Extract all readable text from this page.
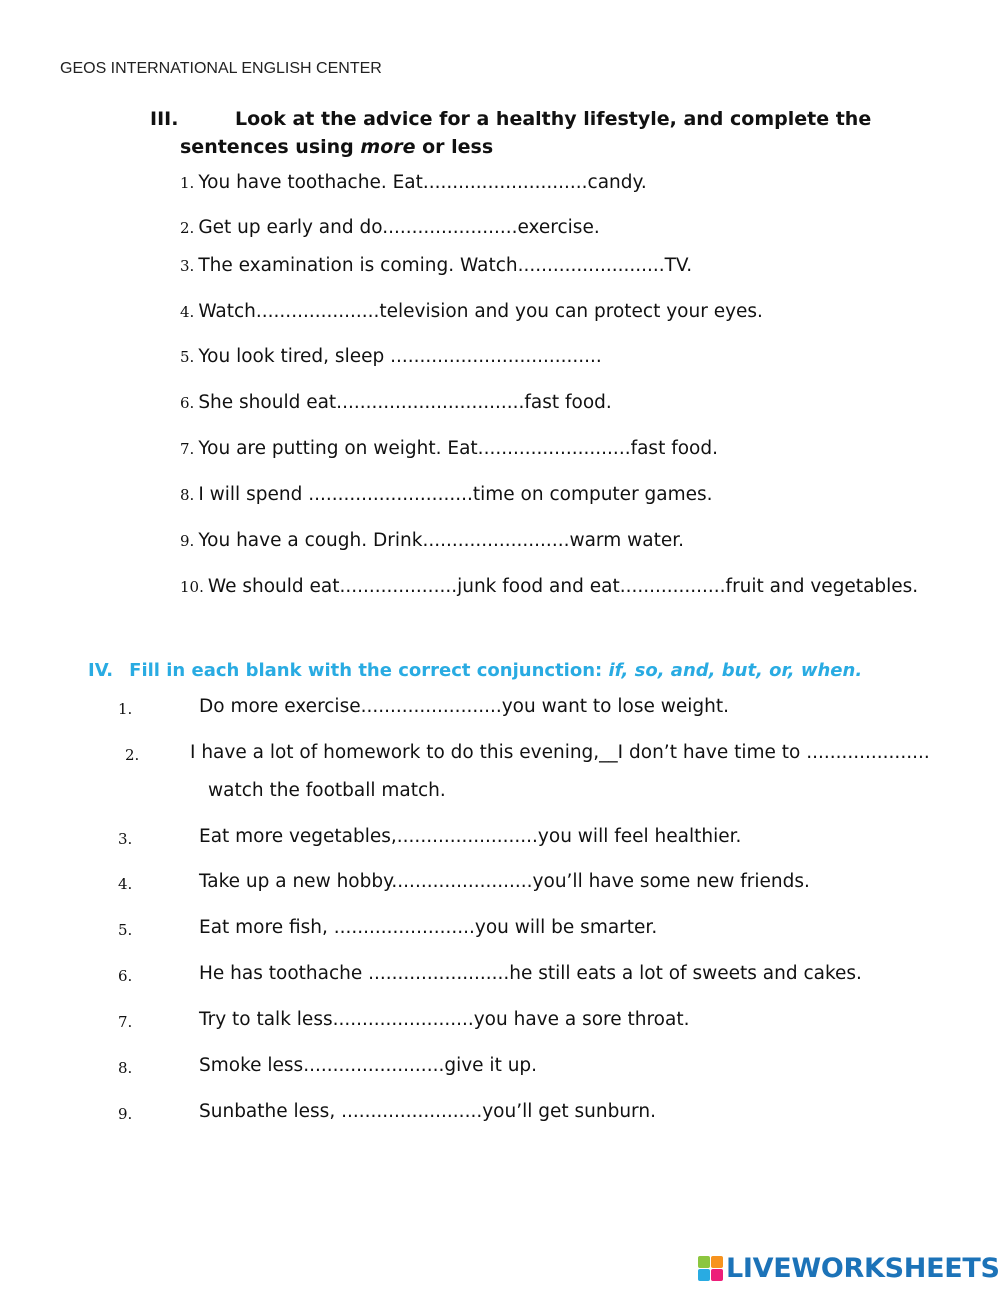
GEOS INTERNATIONAL ENGLISH CENTER
III.	Look at the advice for a healthy lifestyle, and complete the
sentences using more or less
1. You have toothache. Eat............................candy.
2. Get up early and do.......................exercise.
3. The examination is coming. Watch.........................TV.
4. Watch.....................television and you can protect your eyes.
5. You look tired, sleep ....................................
6. She should eat................................fast food.
7. You are putting on weight. Eat..........................fast food.
8. I will spend ............................time on computer games.
9. You have a cough. Drink.........................warm water.
10. We should eat....................junk food and eat..................fruit and vegetables.
IV. Fill in each blank with the correct conjunction: if, so, and, but, or, when.
1.	Do more exercise........................you want to lose weight.
2.	I have a lot of homework to do this evening,__I don’t have time to .....................
watch the football match.
3.	Eat more vegetables,........................you will feel healthier.
4.	Take up a new hobby........................you’ll have some new friends.
5.	Eat more fish, ........................you will be smarter.
6.	He has toothache ........................he still eats a lot of sweets and cakes.
7.	Try to talk less........................you have a sore throat.
8.	Smoke less........................give it up.
9.	Sunbathe less, ........................you’ll get sunburn.
LIVEWORKSHEETS
